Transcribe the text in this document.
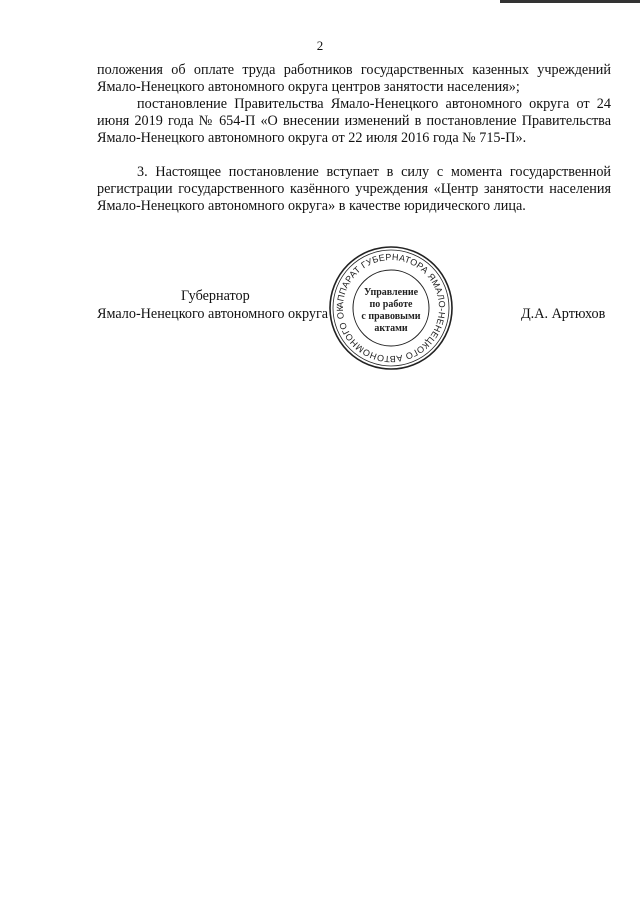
2

положения об оплате труда работников государственных казенных учреждений Ямало-Ненецкого автономного округа центров занятости населения»;

постановление Правительства Ямало-Ненецкого автономного округа от 24 июня 2019 года № 654-П «О внесении изменений в постановление Правительства Ямало-Ненецкого автономного округа от 22 июля 2016 года № 715-П».

3. Настоящее постановление вступает в силу с момента государственной регистрации государственного казённого учреждения «Центр занятости населения Ямало-Ненецкого автономного округа» в качестве юридического лица.

Губернатор
Ямало-Ненецкого автономного округа	Д.А. Артюхов
АППАРАТ ГУБЕРНАТОРА ЯМАЛО-НЕНЕЦКОГО АВТОНОМНОГО ОК
Управление
по работе
с правовыми
актами
